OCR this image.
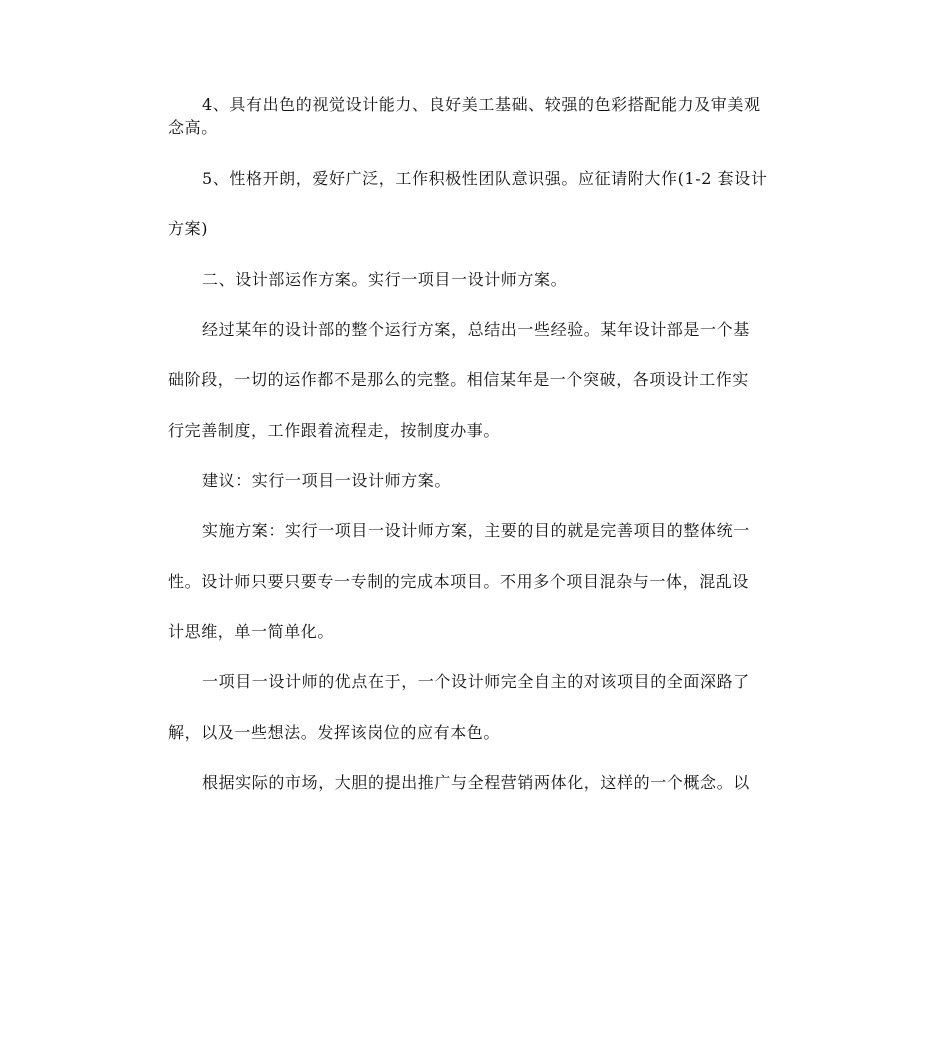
4、具有出色的视觉设计能力、良好美工基础、较强的色彩搭配能力及审美观
念高。
5、性格开朗，爱好广泛，工作积极性团队意识强。应征请附大作(1-2 套设计
方案)
二、设计部运作方案。实行一项目一设计师方案。
经过某年的设计部的整个运行方案，总结出一些经验。某年设计部是一个基
础阶段，一切的运作都不是那么的完整。相信某年是一个突破，各项设计工作实
行完善制度，工作跟着流程走，按制度办事。
建议：实行一项目一设计师方案。
实施方案：实行一项目一设计师方案，主要的目的就是完善项目的整体统一
性。设计师只要只要专一专制的完成本项目。不用多个项目混杂与一体，混乱设
计思维，单一简单化。
一项目一设计师的优点在于，一个设计师完全自主的对该项目的全面深路了
解，以及一些想法。发挥该岗位的应有本色。
根据实际的市场，大胆的提出推广与全程营销两体化，这样的一个概念。以
